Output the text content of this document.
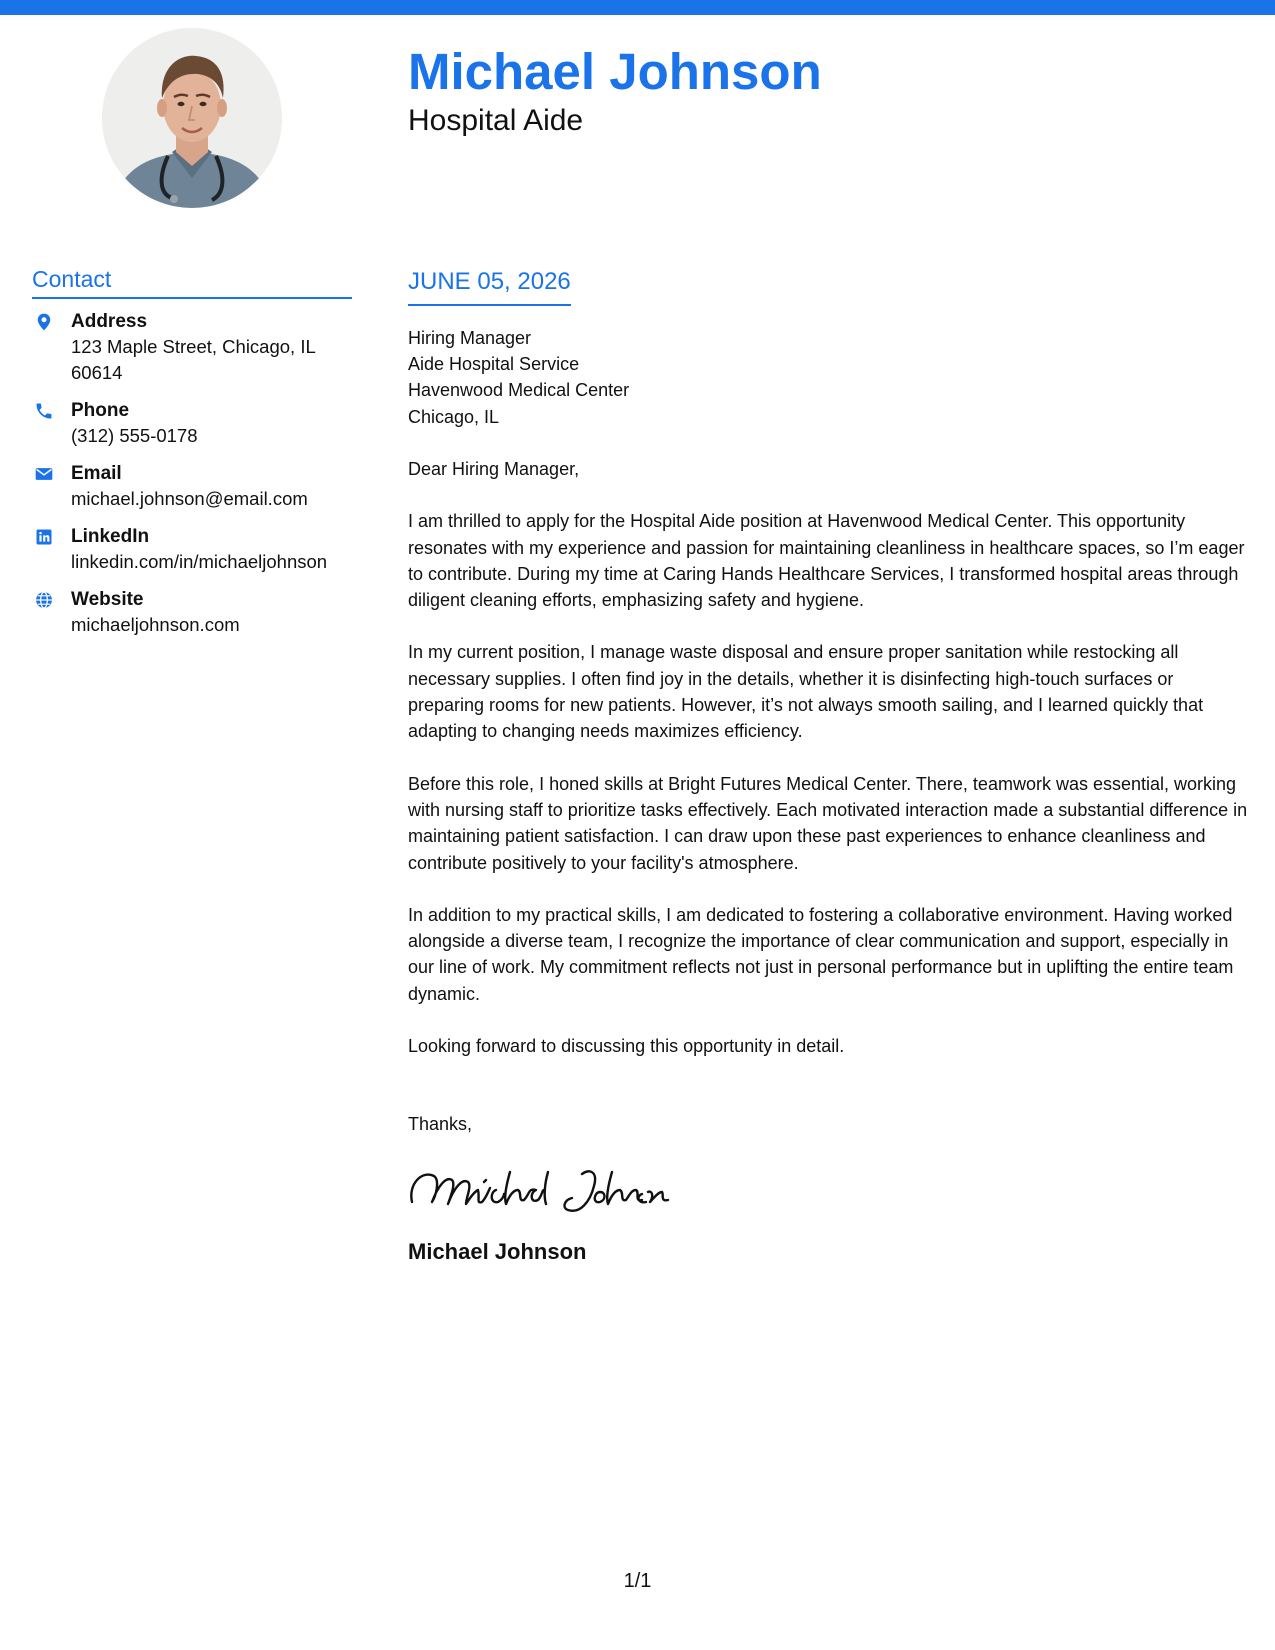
Michael Johnson
Hospital Aide
Contact
Address
123 Maple Street, Chicago, IL 60614
Phone
(312) 555-0178
Email
michael.johnson@email.com
LinkedIn
linkedin.com/in/michaeljohnson
Website
michaeljohnson.com
JUNE 05, 2026
Hiring Manager
Aide Hospital Service
Havenwood Medical Center
Chicago, IL
Dear Hiring Manager,
I am thrilled to apply for the Hospital Aide position at Havenwood Medical Center. This opportunity resonates with my experience and passion for maintaining cleanliness in healthcare spaces, so I’m eager to contribute. During my time at Caring Hands Healthcare Services, I transformed hospital areas through diligent cleaning efforts, emphasizing safety and hygiene.
In my current position, I manage waste disposal and ensure proper sanitation while restocking all necessary supplies. I often find joy in the details, whether it is disinfecting high-touch surfaces or preparing rooms for new patients. However, it’s not always smooth sailing, and I learned quickly that adapting to changing needs maximizes efficiency.
Before this role, I honed skills at Bright Futures Medical Center. There, teamwork was essential, working with nursing staff to prioritize tasks effectively. Each motivated interaction made a substantial difference in maintaining patient satisfaction. I can draw upon these past experiences to enhance cleanliness and contribute positively to your facility's atmosphere.
In addition to my practical skills, I am dedicated to fostering a collaborative environment. Having worked alongside a diverse team, I recognize the importance of clear communication and support, especially in our line of work. My commitment reflects not just in personal performance but in uplifting the entire team dynamic.
Looking forward to discussing this opportunity in detail.
Thanks,
Michael Johnson
Michael Johnson
1/1
